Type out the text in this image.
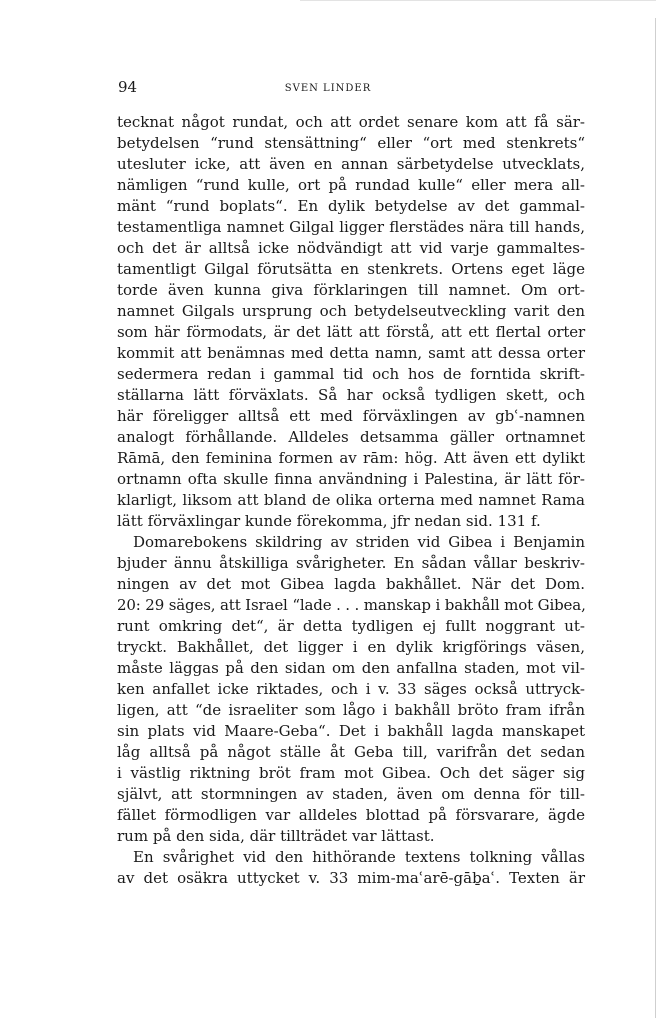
94	SVEN LINDER
tecknat något rundat, och att ordet senare kom att få sär-
betydelsen “rund stensättning“ eller “ort med stenkrets“
utesluter icke, att även en annan särbetydelse utvecklats,
nämligen “rund kulle, ort på rundad kulle“ eller mera all-
mänt “rund boplats“. En dylik betydelse av det gammal-
testamentliga namnet Gilgal ligger flerstädes nära till hands,
och det är alltså icke nödvändigt att vid varje gammaltes-
tamentligt Gilgal förutsätta en stenkrets. Ortens eget läge
torde även kunna giva förklaringen till namnet. Om ort-
namnet Gilgals ursprung och betydelseutveckling varit den
som här förmodats, är det lätt att förstå, att ett flertal orter
kommit att benämnas med detta namn, samt att dessa orter
sedermera redan i gammal tid och hos de forntida skrift-
ställarna lätt förväxlats. Så har också tydligen skett, och
här föreligger alltså ett med förväxlingen av gbʿ-namnen
analogt förhållande. Alldeles detsamma gäller ortnamnet
Rāmā, den feminina formen av rām: hög. Att även ett dylikt
ortnamn ofta skulle finna användning i Palestina, är lätt för-
klarligt, liksom att bland de olika orterna med namnet Rama
lätt förväxlingar kunde förekomma, jfr nedan sid. 131 f.
Domarebokens skildring av striden vid Gibea i Benjamin
bjuder ännu åtskilliga svårigheter. En sådan vållar beskriv-
ningen av det mot Gibea lagda bakhållet. När det Dom.
20: 29 säges, att Israel “lade . . . manskap i bakhåll mot Gibea,
runt omkring det“, är detta tydligen ej fullt noggrant ut-
tryckt. Bakhållet, det ligger i en dylik krigförings väsen,
måste läggas på den sidan om den anfallna staden, mot vil-
ken anfallet icke riktades, och i v. 33 säges också uttryck-
ligen, att “de israeliter som lågo i bakhåll bröto fram ifrån
sin plats vid Maare-Geba“. Det i bakhåll lagda manskapet
låg alltså på något ställe åt Geba till, varifrån det sedan
i västlig riktning bröt fram mot Gibea. Och det säger sig
självt, att stormningen av staden, även om denna för till-
fället förmodligen var alldeles blottad på försvarare, ägde
rum på den sida, där tillträdet var lättast.
En svårighet vid den hithörande textens tolkning vållas
av det osäkra uttycket v. 33 mim-maʿarē-gāḇaʿ. Texten är
